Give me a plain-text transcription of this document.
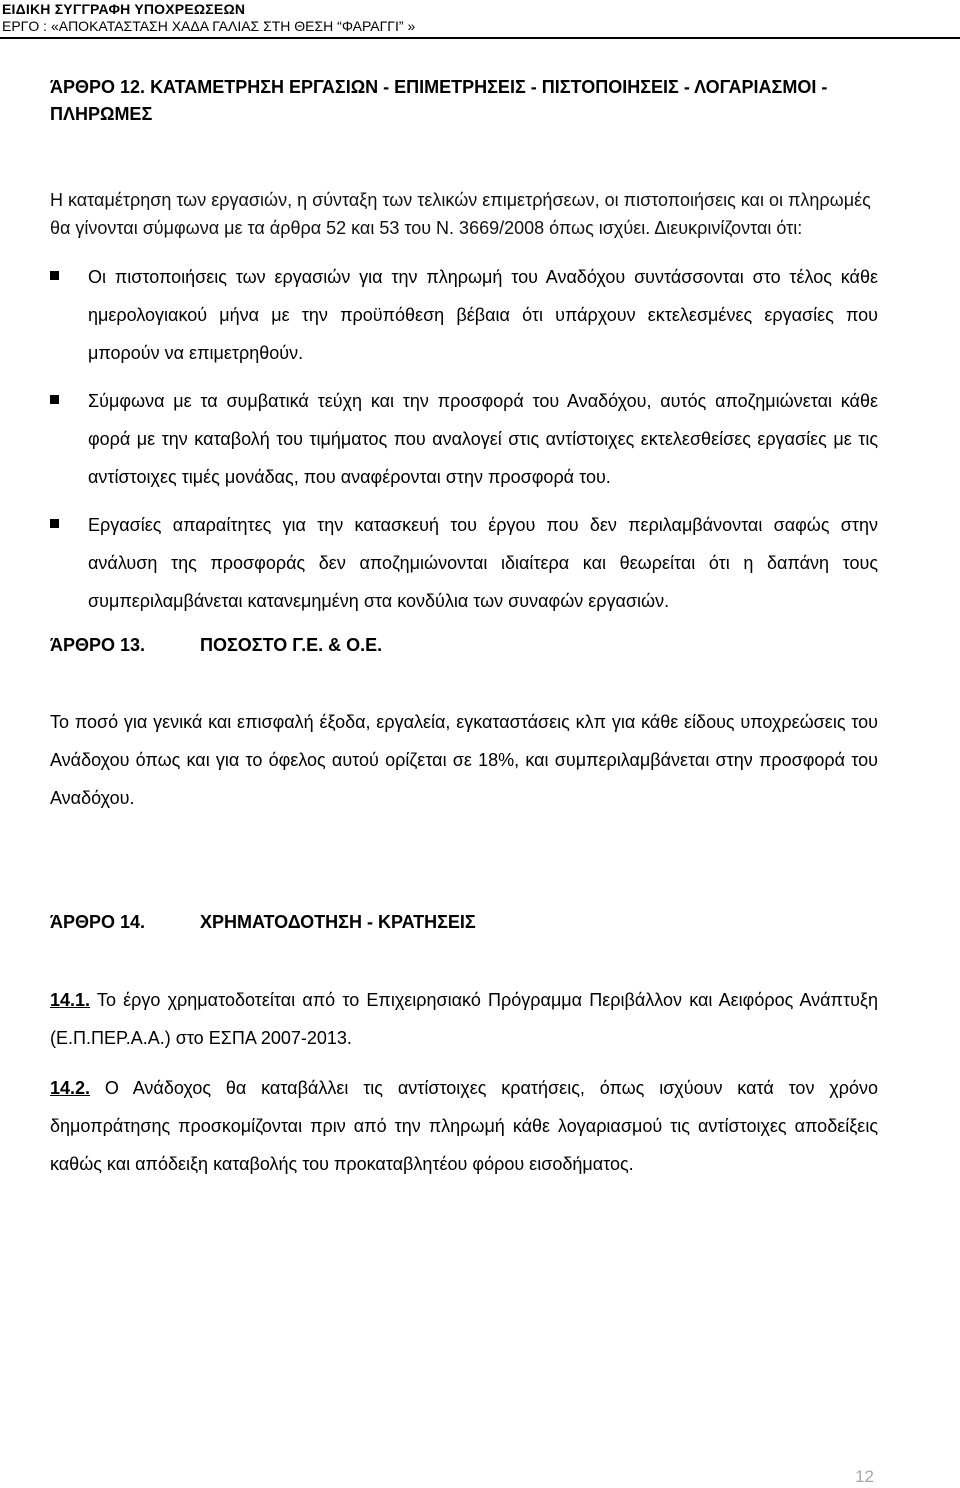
ΕΙΔΙΚΗ ΣΥΓΓΡΑΦΗ ΥΠΟΧΡΕΩΣΕΩΝ
ΕΡΓΟ : «ΑΠΟΚΑΤΑΣΤΑΣΗ ΧΑΔΑ ΓΑΛΙΑΣ ΣΤΗ ΘΕΣΗ “ΦΑΡΑΓΓΙ” »
ΆΡΘΡΟ 12. ΚΑΤΑΜΕΤΡΗΣΗ ΕΡΓΑΣΙΩΝ - ΕΠΙΜΕΤΡΗΣΕΙΣ - ΠΙΣΤΟΠΟΙΗΣΕΙΣ - ΛΟΓΑΡΙΑΣΜΟΙ - ΠΛΗΡΩΜΕΣ

Η καταμέτρηση των εργασιών, η σύνταξη των τελικών επιμετρήσεων, οι πιστοποιήσεις και οι πληρωμές θα γίνονται σύμφωνα με τα άρθρα 52 και 53 του Ν. 3669/2008 όπως ισχύει. Διευκρινίζονται ότι:

Οι πιστοποιήσεις των εργασιών για την πληρωμή του Αναδόχου συντάσσονται στο τέλος κάθε ημερολογιακού μήνα με την προϋπόθεση βέβαια ότι υπάρχουν εκτελεσμένες εργασίες που μπορούν να επιμετρηθούν.
Σύμφωνα με τα συμβατικά τεύχη και την προσφορά του Αναδόχου, αυτός αποζημιώνεται κάθε φορά με την καταβολή του τιμήματος που αναλογεί στις αντίστοιχες εκτελεσθείσες εργασίες με τις αντίστοιχες τιμές μονάδας, που αναφέρονται στην προσφορά του.
Εργασίες απαραίτητες για την κατασκευή του έργου που δεν περιλαμβάνονται σαφώς στην ανάλυση της προσφοράς δεν αποζημιώνονται ιδιαίτερα και θεωρείται ότι η δαπάνη τους συμπεριλαμβάνεται κατανεμημένη στα κονδύλια των συναφών εργασιών.
ΆΡΘΡΟ 13.	ΠΟΣΟΣΤΟ Γ.Ε. & Ο.Ε.

Το ποσό για γενικά και επισφαλή έξοδα, εργαλεία, εγκαταστάσεις κλπ για κάθε είδους υποχρεώσεις του Ανάδοχου όπως και για το όφελος αυτού ορίζεται σε 18%, και συμπεριλαμβάνεται στην προσφορά του Αναδόχου.

ΆΡΘΡΟ 14.	ΧΡΗΜΑΤΟΔΟΤΗΣΗ - ΚΡΑΤΗΣΕΙΣ

14.1. Το έργο χρηματοδοτείται από το Επιχειρησιακό Πρόγραμμα Περιβάλλον και Αειφόρος Ανάπτυξη (Ε.Π.ΠΕΡ.Α.Α.) στο ΕΣΠΑ 2007-2013.

14.2. Ο Ανάδοχος θα καταβάλλει τις αντίστοιχες κρατήσεις, όπως ισχύουν κατά τον χρόνο δημοπράτησης προσκομίζονται πριν από την πληρωμή κάθε λογαριασμού τις αντίστοιχες αποδείξεις καθώς και απόδειξη καταβολής του προκαταβλητέου φόρου εισοδήματος.

12
